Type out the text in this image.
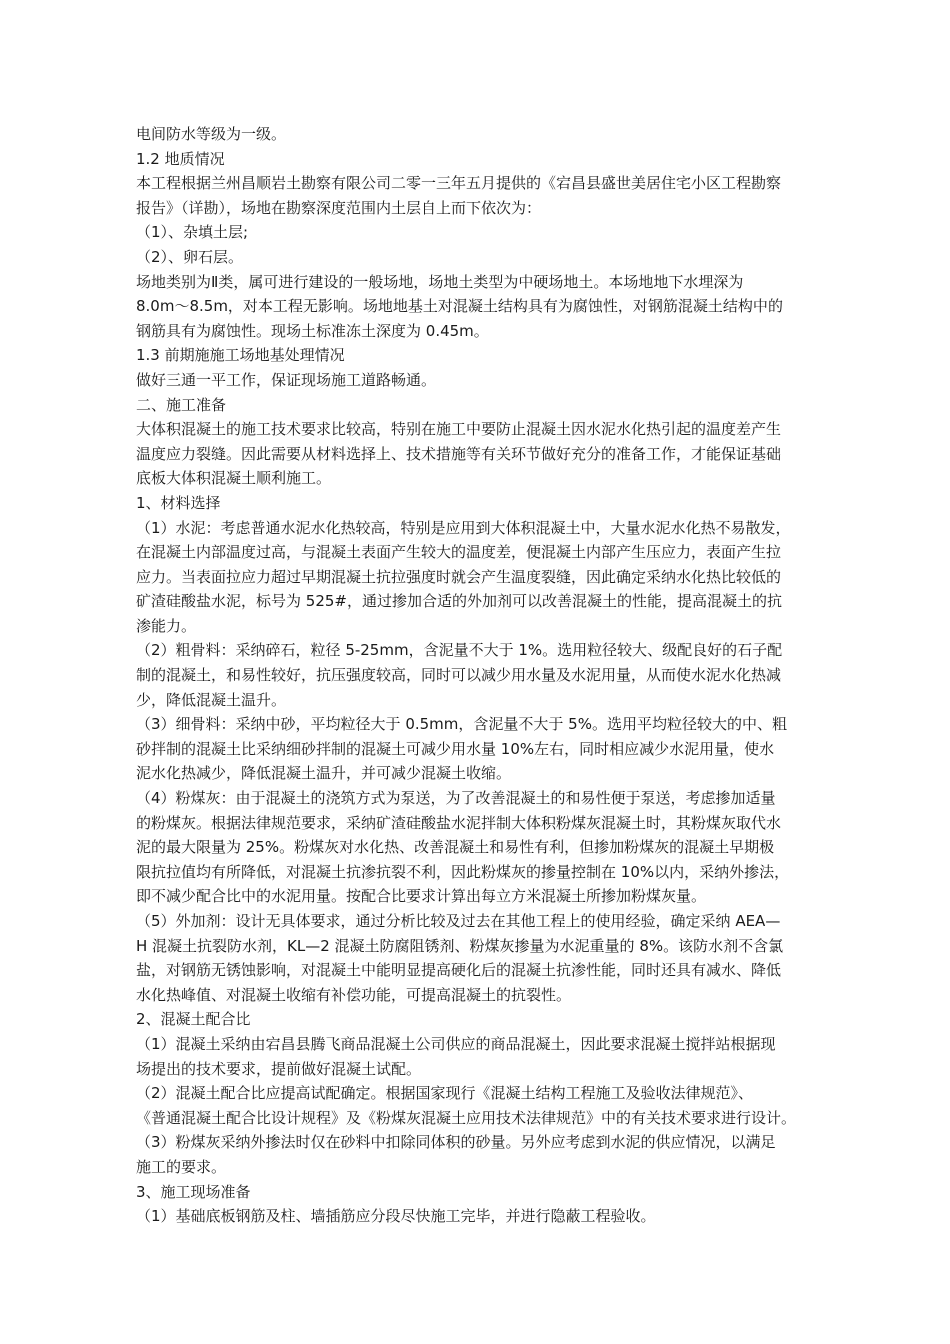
电间防水等级为一级。
1.2 地质情况
本工程根据兰州昌顺岩土勘察有限公司二零一三年五月提供的《宕昌县盛世美居住宅小区工程勘察
报告》（详勘），场地在勘察深度范围内土层自上而下依次为：
（1）、杂填土层;
（2）、卵石层。
场地类别为Ⅱ类，属可进行建设的一般场地，场地土类型为中硬场地土。本场地地下水埋深为
8.0m～8.5m，对本工程无影响。场地地基土对混凝土结构具有为腐蚀性，对钢筋混凝土结构中的
钢筋具有为腐蚀性。现场土标准冻土深度为 0.45m。
1.3 前期施施工场地基处理情况
做好三通一平工作，保证现场施工道路畅通。
二、施工准备
大体积混凝土的施工技术要求比较高，特别在施工中要防止混凝土因水泥水化热引起的温度差产生
温度应力裂缝。因此需要从材料选择上、技术措施等有关环节做好充分的准备工作，才能保证基础
底板大体积混凝土顺利施工。
1、材料选择
（1）水泥：考虑普通水泥水化热较高，特别是应用到大体积混凝土中，大量水泥水化热不易散发，
在混凝土内部温度过高，与混凝土表面产生较大的温度差，便混凝土内部产生压应力，表面产生拉
应力。当表面拉应力超过早期混凝土抗拉强度时就会产生温度裂缝，因此确定采纳水化热比较低的
矿渣硅酸盐水泥，标号为 525#，通过掺加合适的外加剂可以改善混凝土的性能，提高混凝土的抗
渗能力。
（2）粗骨料：采纳碎石，粒径 5-25mm，含泥量不大于 1%。选用粒径较大、级配良好的石子配
制的混凝土，和易性较好，抗压强度较高，同时可以减少用水量及水泥用量，从而使水泥水化热减
少，降低混凝土温升。
（3）细骨料：采纳中砂，平均粒径大于 0.5mm，含泥量不大于 5%。选用平均粒径较大的中、粗
砂拌制的混凝土比采纳细砂拌制的混凝土可减少用水量 10%左右，同时相应减少水泥用量，使水
泥水化热减少，降低混凝土温升，并可减少混凝土收缩。
（4）粉煤灰：由于混凝土的浇筑方式为泵送，为了改善混凝土的和易性便于泵送，考虑掺加适量
的粉煤灰。根据法律规范要求，采纳矿渣硅酸盐水泥拌制大体积粉煤灰混凝土时，其粉煤灰取代水
泥的最大限量为 25%。粉煤灰对水化热、改善混凝土和易性有利，但掺加粉煤灰的混凝土早期极
限抗拉值均有所降低，对混凝土抗渗抗裂不利，因此粉煤灰的掺量控制在 10%以内，采纳外掺法，
即不减少配合比中的水泥用量。按配合比要求计算出每立方米混凝土所掺加粉煤灰量。
（5）外加剂：设计无具体要求，通过分析比较及过去在其他工程上的使用经验，确定采纳 AEA—
H 混凝土抗裂防水剂，KL—2 混凝土防腐阻锈剂、粉煤灰掺量为水泥重量的 8%。该防水剂不含氯
盐，对钢筋无锈蚀影响，对混凝土中能明显提高硬化后的混凝土抗渗性能，同时还具有减水、降低
水化热峰值、对混凝土收缩有补偿功能，可提高混凝土的抗裂性。
2、混凝土配合比
（1）混凝土采纳由宕昌县腾飞商品混凝土公司供应的商品混凝土，因此要求混凝土搅拌站根据现
场提出的技术要求，提前做好混凝土试配。
（2）混凝土配合比应提高试配确定。根据国家现行《混凝土结构工程施工及验收法律规范》、
《普通混凝土配合比设计规程》及《粉煤灰混凝土应用技术法律规范》中的有关技术要求进行设计。
（3）粉煤灰采纳外掺法时仅在砂料中扣除同体积的砂量。另外应考虑到水泥的供应情况，以满足
施工的要求。
3、施工现场准备
（1）基础底板钢筋及柱、墙插筋应分段尽快施工完毕，并进行隐蔽工程验收。
